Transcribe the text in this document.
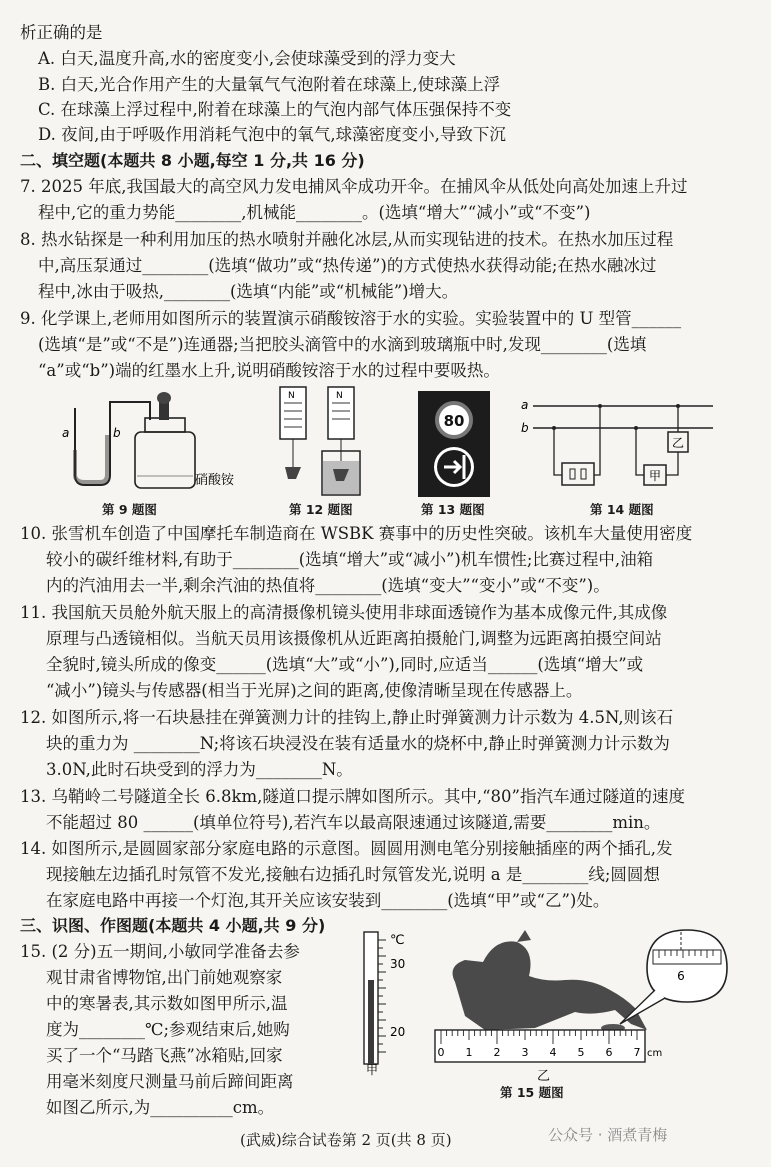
析正确的是
A. 白天,温度升高,水的密度变小,会使球藻受到的浮力变大
B. 白天,光合作用产生的大量氧气气泡附着在球藻上,使球藻上浮
C. 在球藻上浮过程中,附着在球藻上的气泡内部气体压强保持不变
D. 夜间,由于呼吸作用消耗气泡中的氧气,球藻密度变小,导致下沉
二、填空题(本题共 8 小题,每空 1 分,共 16 分)
7. 2025 年底,我国最大的高空风力发电捕风伞成功开伞。在捕风伞从低处向高处加速上升过
程中,它的重力势能________,机械能________。(选填“增大”“减小”或“不变”)
8. 热水钻探是一种利用加压的热水喷射并融化冰层,从而实现钻进的技术。在热水加压过程
中,高压泵通过________(选填“做功”或“热传递”)的方式使热水获得动能;在热水融冰过
程中,冰由于吸热,________(选填“内能”或“机械能”)增大。
9. 化学课上,老师用如图所示的装置演示硝酸铵溶于水的实验。实验装置中的 U 型管______
(选填“是”或“不是”)连通器;当把胶头滴管中的水滴到玻璃瓶中时,发现________(选填
“a”或“b”)端的红墨水上升,说明硝酸铵溶于水的过程中要吸热。
a	b
硝酸铵
第 9 题图
N	N
第 12 题图
80
第 13 题图
a
b
甲
乙
第 14 题图
10. 张雪机车创造了中国摩托车制造商在 WSBK 赛事中的历史性突破。该机车大量使用密度
较小的碳纤维材料,有助于________(选填“增大”或“减小”)机车惯性;比赛过程中,油箱
内的汽油用去一半,剩余汽油的热值将________(选填“变大”“变小”或“不变”)。
11. 我国航天员舱外航天服上的高清摄像机镜头使用非球面透镜作为基本成像元件,其成像
原理与凸透镜相似。当航天员用该摄像机从近距离拍摄舱门,调整为远距离拍摄空间站
全貌时,镜头所成的像变______(选填“大”或“小”),同时,应适当______(选填“增大”或
“减小”)镜头与传感器(相当于光屏)之间的距离,使像清晰呈现在传感器上。
12. 如图所示,将一石块悬挂在弹簧测力计的挂钩上,静止时弹簧测力计示数为 4.5N,则该石
块的重力为 ________N;将该石块浸没在装有适量水的烧杯中,静止时弹簧测力计示数为
3.0N,此时石块受到的浮力为________N。
13. 乌鞘岭二号隧道全长 6.8km,隧道口提示牌如图所示。其中,“80”指汽车通过隧道的速度
不能超过 80 ______(填单位符号),若汽车以最高限速通过该隧道,需要________min。
14. 如图所示,是圆圆家部分家庭电路的示意图。圆圆用测电笔分别接触插座的两个插孔,发
现接触左边插孔时氖管不发光,接触右边插孔时氖管发光,说明 a 是________线;圆圆想
在家庭电路中再接一个灯泡,其开关应该安装到________(选填“甲”或“乙”)处。
三、识图、作图题(本题共 4 小题,共 9 分)
15. (2 分)五一期间,小敏同学准备去参
观甘肃省博物馆,出门前她观察家
中的寒暑表,其示数如图甲所示,温
度为________℃;参观结束后,她购
买了一个“马踏飞燕”冰箱贴,回家
用毫米刻度尺测量马前后蹄间距离
如图乙所示,为__________cm。
℃
30
20
甲
0 1 2 3 4 5 6 7 cm
乙
6
第 15 题图
(武威)综合试卷第 2 页(共 8 页)	公众号 · 酒煮青梅
